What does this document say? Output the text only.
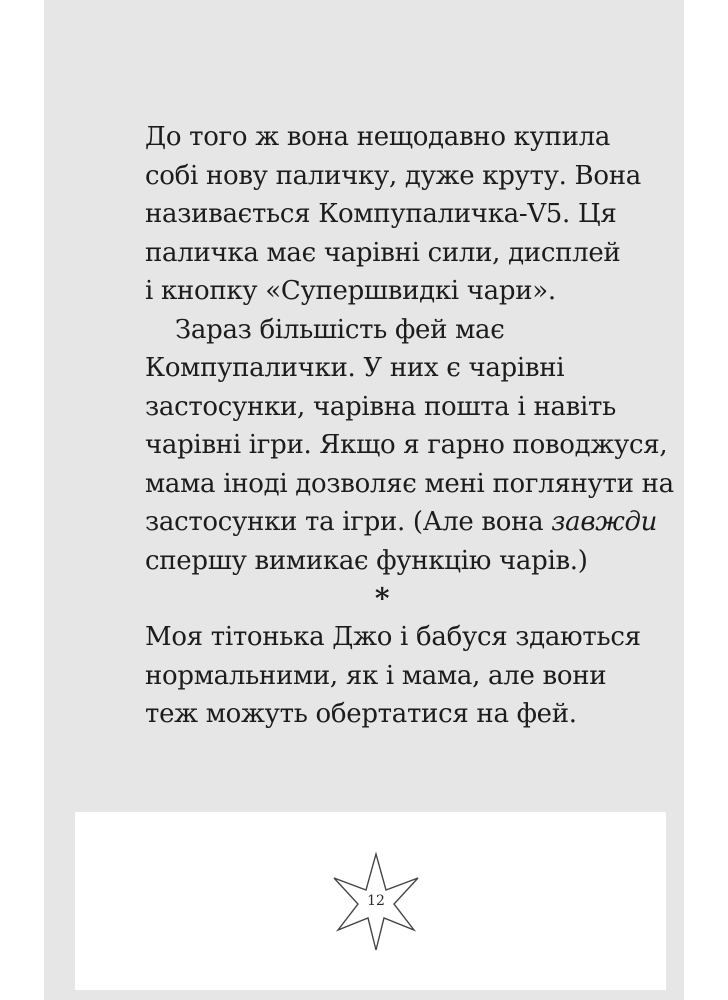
До того ж вона нещодавно купила
собі нову паличку, дуже круту. Вона
називається Компупаличка-V5. Ця
паличка має чарівні сили, дисплей
і кнопку «Супершвидкі чари».
Зараз більшість фей має
Компупалички. У них є чарівні
застосунки, чарівна пошта і навіть
чарівні ігри. Якщо я гарно поводжуся,
мама іноді дозволяє мені поглянути на
застосунки та ігри. (Але вона завжди
спершу вимикає функцію чарів.)
*
Моя тітонька Джо і бабуся здаються
нормальними, як і мама, але вони
теж можуть обертатися на фей.
12
